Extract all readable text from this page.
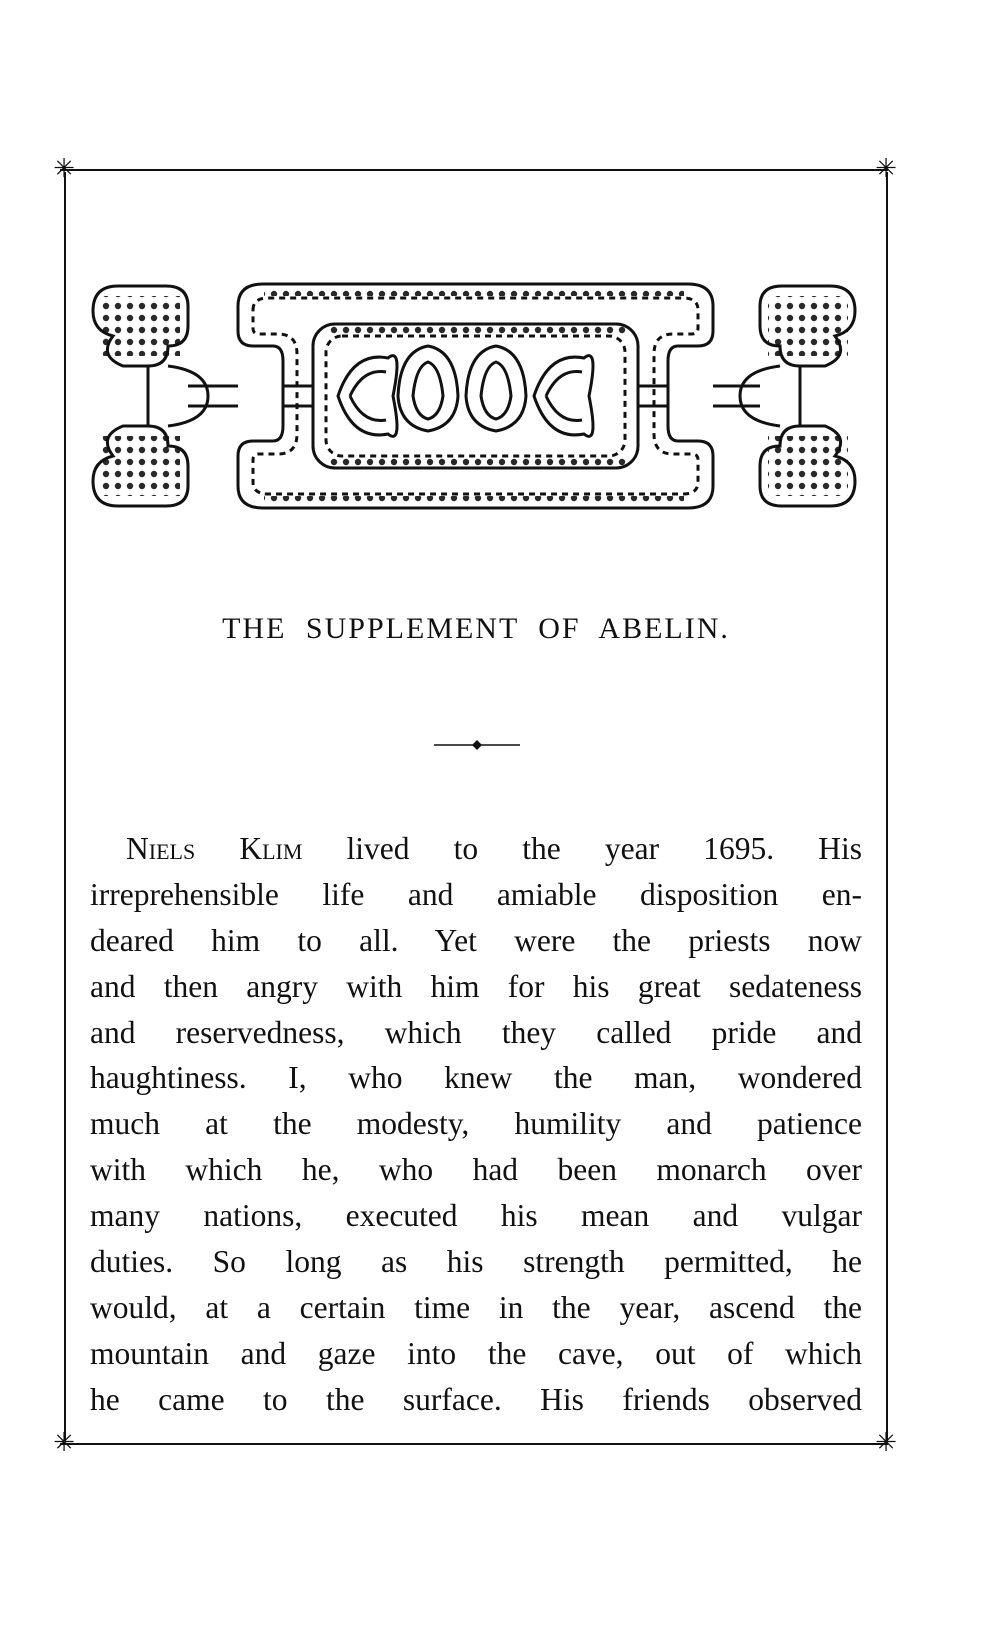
✳	✳
✳	✳
THE SUPPLEMENT OF ABELIN.
Niels Klim lived to the year 1695. His
irreprehensible life and amiable disposition en-
deared him to all. Yet were the priests now
and then angry with him for his great sedateness
and reservedness, which they called pride and
haughtiness. I, who knew the man, wondered
much at the modesty, humility and patience
with which he, who had been monarch over
many nations, executed his mean and vulgar
duties. So long as his strength permitted, he
would, at a certain time in the year, ascend the
mountain and gaze into the cave, out of which
he came to the surface. His friends observed
